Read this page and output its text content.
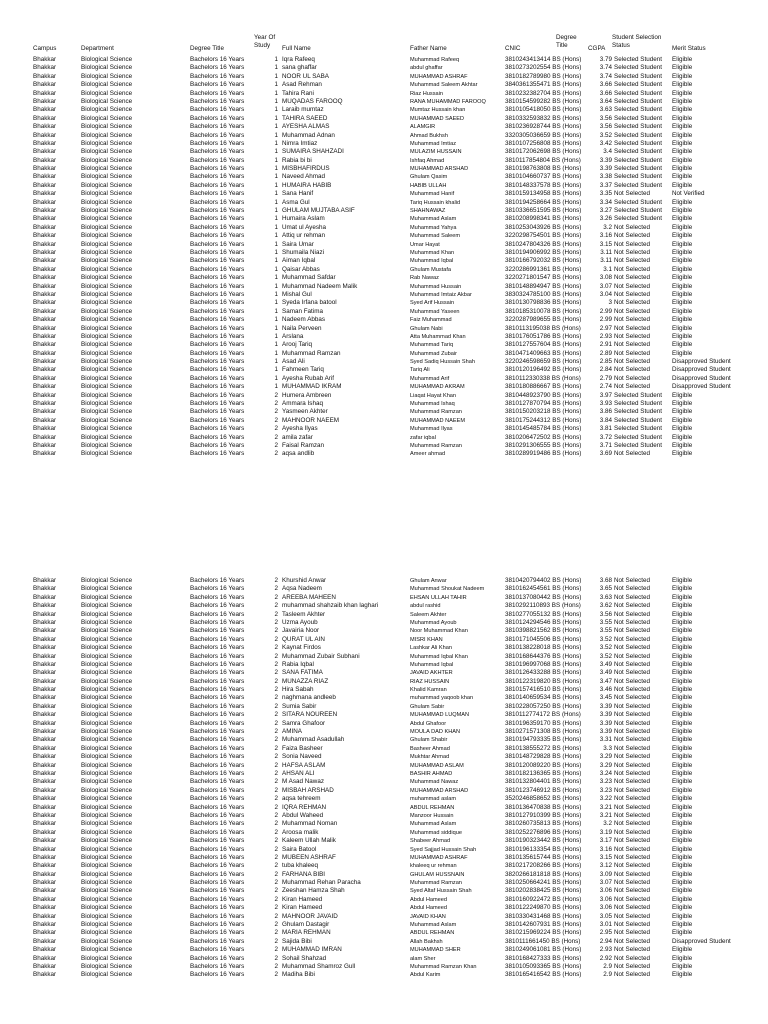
Year Of
Study
Degree
Title
Student Selection
Status
Campus	Department	Degree Title	Full Name	Father Name	CNIC	CGPA	Merit Status
Bhakkar	Biological Science	Bachelors 16 Years	1 Iqra Rafeeq	Muhammad Rafeeq	3810243413414 BS (Hons)	3.79 Selected Student	Eligible
Bhakkar	Biological Science	Bachelors 16 Years	1 sana ghaffar	abdul ghaffar	3810273202554 BS (Hons)	3.74 Selected Student	Eligible
Bhakkar	Biological Science	Bachelors 16 Years	1 NOOR UL SABA	MUHAMMAD ASHRAF	3810182789980 BS (Hons)	3.74 Selected Student	Eligible
Bhakkar	Biological Science	Bachelors 16 Years	1 Asad Rehman	Muhammad Saleem Akhtar	3840361355471 BS (Hons)	3.66 Selected Student	Eligible
Bhakkar	Biological Science	Bachelors 16 Years	1 Tahira Rani	Riaz Hussain	3810232382704 BS (Hons)	3.66 Selected Student	Eligible
Bhakkar	Biological Science	Bachelors 16 Years	1 MUQADAS FAROOQ	RANA MUHAMMAD FAROOQ	3810154599282 BS (Hons)	3.64 Selected Student	Eligible
Bhakkar	Biological Science	Bachelors 16 Years	1 Laraib mumtaz	Mumtaz Hussain khan	3810105418050 BS (Hons)	3.63 Selected Student	Eligible
Bhakkar	Biological Science	Bachelors 16 Years	1 TAHIRA SAEED	MUHAMMAD SAEED	3810332593832 BS (Hons)	3.56 Selected Student	Eligible
Bhakkar	Biological Science	Bachelors 16 Years	1 AYESHA ALMAS	ALAMGIR	3810236928744 BS (Hons)	3.56 Selected Student	Eligible
Bhakkar	Biological Science	Bachelors 16 Years	1 Muhammad Adnan	Ahmad Bukhsh	3320305036659 BS (Hons)	3.52 Selected Student	Eligible
Bhakkar	Biological Science	Bachelors 16 Years	1 Nimra Imtiaz	Muhammad Imtiaz	3810107256808 BS (Hons)	3.42 Selected Student	Eligible
Bhakkar	Biological Science	Bachelors 16 Years	1 SUMAIRA SHAHZADI	MULAZIM HUSSAIN	3810172062698 BS (Hons)	3.4 Selected Student	Eligible
Bhakkar	Biological Science	Bachelors 16 Years	1 Rabia bi bi	Ishfaq Ahmad	3810117854804 BS (Hons)	3.39 Selected Student	Eligible
Bhakkar	Biological Science	Bachelors 16 Years	1 MISBHAFIRDUS	MUHAMMAD ARSHAD	3810198763808 BS (Hons)	3.39 Selected Student	Eligible
Bhakkar	Biological Science	Bachelors 16 Years	1 Naveed Ahmad	Ghulam Qasim	3810104660737 BS (Hons)	3.38 Selected Student	Eligible
Bhakkar	Biological Science	Bachelors 16 Years	1 HUMAIRA HABIB	HABIB ULLAH	3810148337578 BS (Hons)	3.37 Selected Student	Eligible
Bhakkar	Biological Science	Bachelors 16 Years	1 Sana Hanif	Muhammad Hanif	3810159134958 BS (Hons)	3.35 Not Selected	Not Verified
Bhakkar	Biological Science	Bachelors 16 Years	1 Asma Gul	Tariq Hussain khalid	3810194258664 BS (Hons)	3.34 Selected Student	Eligible
Bhakkar	Biological Science	Bachelors 16 Years	1 GHULAM MUJTABA ASIF	SHAHNAWAZ	3810336651595 BS (Hons)	3.27 Selected Student	Eligible
Bhakkar	Biological Science	Bachelors 16 Years	1 Humaira Aslam	Muhammad Aslam	3810208998341 BS (Hons)	3.26 Selected Student	Eligible
Bhakkar	Biological Science	Bachelors 16 Years	1 Umat ul Ayesha	Muhammad Yahya	3810253043926 BS (Hons)	3.2 Not Selected	Eligible
Bhakkar	Biological Science	Bachelors 16 Years	1 Attiq ur rehman	Muhammad Saleem	3220298754501 BS (Hons)	3.16 Not Selected	Eligible
Bhakkar	Biological Science	Bachelors 16 Years	1 Saira Umar	Umar Hayat	3810247804326 BS (Hons)	3.15 Not Selected	Eligible
Bhakkar	Biological Science	Bachelors 16 Years	1 Shumaila Niazi	Muhammad Khan	3810194906992 BS (Hons)	3.11 Not Selected	Eligible
Bhakkar	Biological Science	Bachelors 16 Years	1 Aiman Iqbal	Muhammad Iqbal	3810166792032 BS (Hons)	3.11 Not Selected	Eligible
Bhakkar	Biological Science	Bachelors 16 Years	1 Qaisar Abbas	Ghulam Mustafa	3220286991361 BS (Hons)	3.1 Not Selected	Eligible
Bhakkar	Biological Science	Bachelors 16 Years	1 Muhammad Safdar	Rab Nawaz	3220271801547 BS (Hons)	3.08 Not Selected	Eligible
Bhakkar	Biological Science	Bachelors 16 Years	1 Muhammad Nadeem Malik	Muhammad Hussain	3810148894947 BS (Hons)	3.07 Not Selected	Eligible
Bhakkar	Biological Science	Bachelors 16 Years	1 Mishal Gul	Muhammad Imtaiz Akbar	3830324785100 BS (Hons)	3.04 Not Selected	Eligible
Bhakkar	Biological Science	Bachelors 16 Years	1 Syeda Irfana batool	Syed Arif Hussain	3810130798836 BS (Hons)	3 Not Selected	Eligible
Bhakkar	Biological Science	Bachelors 16 Years	1 Saman Fatima	Muhammad Yaseen	3810185310078 BS (Hons)	2.99 Not Selected	Eligible
Bhakkar	Biological Science	Bachelors 16 Years	1 Nadeem Abbas	Faiz Muhammad	3220287989655 BS (Hons)	2.99 Not Selected	Eligible
Bhakkar	Biological Science	Bachelors 16 Years	1 Naila Perveen	Ghulam Nabi	3810113195038 BS (Hons)	2.97 Not Selected	Eligible
Bhakkar	Biological Science	Bachelors 16 Years	1 Arslana	Atta Muhammad Khan	3810176051786 BS (Hons)	2.93 Not Selected	Eligible
Bhakkar	Biological Science	Bachelors 16 Years	1 Arooj Tariq	Muhammad Tariq	3810127557604 BS (Hons)	2.91 Not Selected	Eligible
Bhakkar	Biological Science	Bachelors 16 Years	1 Muhammad Ramzan	Muhammad Zubair	3810471409663 BS (Hons)	2.89 Not Selected	Eligible
Bhakkar	Biological Science	Bachelors 16 Years	1 Asad Ali	Syed Sadiq Hussain Shah	3220246598659 BS (Hons)	2.85 Not Selected	Disapproved Student
Bhakkar	Biological Science	Bachelors 16 Years	1 Fahmeen Tariq	Tariq Ali	3810120196492 BS (Hons)	2.84 Not Selected	Disapproved Student
Bhakkar	Biological Science	Bachelors 16 Years	1 Ayesha Rubab Arif	Muhammad Arif	3810112330338 BS (Hons)	2.79 Not Selected	Disapproved Student
Bhakkar	Biological Science	Bachelors 16 Years	1 MUHAMMAD IKRAM	MUHAMMAD AKRAM	3810180886667 BS (Hons)	2.74 Not Selected	Disapproved Student
Bhakkar	Biological Science	Bachelors 16 Years	2 Humera Ambreen	Liaqat Hayat Khan	3810448923790 BS (Hons)	3.97 Selected Student	Eligible
Bhakkar	Biological Science	Bachelors 16 Years	2 Ammara Ishaq	Muhammad Ishaq	3810127870794 BS (Hons)	3.93 Selected Student	Eligible
Bhakkar	Biological Science	Bachelors 16 Years	2 Yasmeen Akhter	Muhammad Ramzan	3810150203218 BS (Hons)	3.86 Selected Student	Eligible
Bhakkar	Biological Science	Bachelors 16 Years	2 MAHNOOR NAEEM	MUHAMMAD NAEEM	3810175244312 BS (Hons)	3.84 Selected Student	Eligible
Bhakkar	Biological Science	Bachelors 16 Years	2 Ayesha Ilyas	Muhammad Ilyas	3810145485784 BS (Hons)	3.81 Selected Student	Eligible
Bhakkar	Biological Science	Bachelors 16 Years	2 amila zafar	zafar iqbal	3810206472502 BS (Hons)	3.72 Selected Student	Eligible
Bhakkar	Biological Science	Bachelors 16 Years	2 Faisal Ramzan	Muhammad Ramzan	3810291306555 BS (Hons)	3.71 Selected Student	Eligible
Bhakkar	Biological Science	Bachelors 16 Years	2 aqsa andlib	Ameer ahmad	3810289919486 BS (Hons)	3.69 Not Selected	Eligible
Bhakkar	Biological Science	Bachelors 16 Years	2 Khurshid Anwar	Ghulam Anwar	3810420794402 BS (Hons)	3.68 Not Selected	Eligible
Bhakkar	Biological Science	Bachelors 16 Years	2 Aqsa Nadeem	Muhammad Shoukat Nadeem	3810162454561 BS (Hons)	3.65 Not Selected	Eligible
Bhakkar	Biological Science	Bachelors 16 Years	2 AREEBA MAHEEN	EHSAN ULLAH TAHIR	3810137080442 BS (Hons)	3.63 Not Selected	Eligible
Bhakkar	Biological Science	Bachelors 16 Years	2 muhammad shahzaib khan laghari	abdul rashid	3810292110893 BS (Hons)	3.62 Not Selected	Eligible
Bhakkar	Biological Science	Bachelors 16 Years	2 Tasleem Akhter	Saleem Akhter	3810277055132 BS (Hons)	3.56 Not Selected	Eligible
Bhakkar	Biological Science	Bachelors 16 Years	2 Uzma Ayoub	Muhammad Ayoub	3810124294546 BS (Hons)	3.55 Not Selected	Eligible
Bhakkar	Biological Science	Bachelors 16 Years	2 Javairia Noor	Noor Muhammad Khan	3810398821562 BS (Hons)	3.55 Not Selected	Eligible
Bhakkar	Biological Science	Bachelors 16 Years	2 QURAT UL AIN	MISRI KHAN	3810171045506 BS (Hons)	3.52 Not Selected	Eligible
Bhakkar	Biological Science	Bachelors 16 Years	2 Kaynat Firdos	Lashkar Ali Khan	3810138228018 BS (Hons)	3.52 Not Selected	Eligible
Bhakkar	Biological Science	Bachelors 16 Years	2 Muhammad Zubair Subhani	Muhammad Iqbal Khan	3810168644376 BS (Hons)	3.52 Not Selected	Eligible
Bhakkar	Biological Science	Bachelors 16 Years	2 Rabia Iqbal	Muhammad Iqbal	3810196997068 BS (Hons)	3.49 Not Selected	Eligible
Bhakkar	Biological Science	Bachelors 16 Years	2 SANA FATIMA	JAVAID AKHTER	3810126433288 BS (Hons)	3.49 Not Selected	Eligible
Bhakkar	Biological Science	Bachelors 16 Years	2 MUNAZZA RIAZ	RIAZ HUSSAIN	3810122319820 BS (Hons)	3.47 Not Selected	Eligible
Bhakkar	Biological Science	Bachelors 16 Years	2 Hira Sabah	Khalid Kamran	3810157416510 BS (Hons)	3.46 Not Selected	Eligible
Bhakkar	Biological Science	Bachelors 16 Years	2 naghmana andleeb	muhammad yaqoob khan	3810140659534 BS (Hons)	3.45 Not Selected	Eligible
Bhakkar	Biological Science	Bachelors 16 Years	2 Sumia Sabir	Ghulam Sabir	3810228057250 BS (Hons)	3.39 Not Selected	Eligible
Bhakkar	Biological Science	Bachelors 16 Years	2 SITARA NOUREEN	MUHAMMAD LUQMAN	3810112774172 BS (Hons)	3.39 Not Selected	Eligible
Bhakkar	Biological Science	Bachelors 16 Years	2 Samra Ghafoor	Abdul Ghafoor	3810196359170 BS (Hons)	3.39 Not Selected	Eligible
Bhakkar	Biological Science	Bachelors 16 Years	2 AMINA	MOULA DAD KHAN	3810271571308 BS (Hons)	3.39 Not Selected	Eligible
Bhakkar	Biological Science	Bachelors 16 Years	2 Muhammad Asadullah	Ghulam Shabir	3810194793335 BS (Hons)	3.31 Not Selected	Eligible
Bhakkar	Biological Science	Bachelors 16 Years	2 Faiza Basheer	Basheer Ahmad	3810138555272 BS (Hons)	3.3 Not Selected	Eligible
Bhakkar	Biological Science	Bachelors 16 Years	2 Sonia Naveed	Mukhtar Ahmad	3810148729828 BS (Hons)	3.29 Not Selected	Eligible
Bhakkar	Biological Science	Bachelors 16 Years	2 HAFSA ASLAM	MUHAMMAD ASLAM	3810120089220 BS (Hons)	3.29 Not Selected	Eligible
Bhakkar	Biological Science	Bachelors 16 Years	2 AHSAN ALI	BASHIR AHMAD	3810182136365 BS (Hons)	3.24 Not Selected	Eligible
Bhakkar	Biological Science	Bachelors 16 Years	2 M Asad Nawaz	Muhammad Nawaz	3810132804401 BS (Hons)	3.23 Not Selected	Eligible
Bhakkar	Biological Science	Bachelors 16 Years	2 MISBAH ARSHAD	MUHAMMAD ARSHAD	3810123746912 BS (Hons)	3.23 Not Selected	Eligible
Bhakkar	Biological Science	Bachelors 16 Years	2 aqsa tehreem	muhammad aslam	3520246858652 BS (Hons)	3.22 Not Selected	Eligible
Bhakkar	Biological Science	Bachelors 16 Years	2 IQRA REHMAN	ABDUL REHMAN	3810136470838 BS (Hons)	3.21 Not Selected	Eligible
Bhakkar	Biological Science	Bachelors 16 Years	2 Abdul Waheed	Manzoor Hussain	3810127910399 BS (Hons)	3.21 Not Selected	Eligible
Bhakkar	Biological Science	Bachelors 16 Years	2 Muhammad Noman	Muhammad Aslam	3810260735813 BS (Hons)	3.2 Not Selected	Eligible
Bhakkar	Biological Science	Bachelors 16 Years	2 Aroosa malik	Muhammad siddique	3810252276896 BS (Hons)	3.19 Not Selected	Eligible
Bhakkar	Biological Science	Bachelors 16 Years	2 Kaleem Ullah Malik	Shabeer Ahmad	3810190323442 BS (Hons)	3.17 Not Selected	Eligible
Bhakkar	Biological Science	Bachelors 16 Years	2 Saira Batool	Syed Sajjad Hussain Shah	3810196133354 BS (Hons)	3.16 Not Selected	Eligible
Bhakkar	Biological Science	Bachelors 16 Years	2 MUBEEN ASHRAF	MUHAMMAD ASHRAF	3810135615744 BS (Hons)	3.15 Not Selected	Eligible
Bhakkar	Biological Science	Bachelors 16 Years	2 tuba khaleeq	khaleeq ur rehman	3810217208266 BS (Hons)	3.12 Not Selected	Eligible
Bhakkar	Biological Science	Bachelors 16 Years	2 FARHANA BIBI	GHULAM HUSSNAIN	3820266181818 BS (Hons)	3.09 Not Selected	Eligible
Bhakkar	Biological Science	Bachelors 16 Years	2 Muhammad Rehan Paracha	Muhammad Ramzan	3810250664241 BS (Hons)	3.07 Not Selected	Eligible
Bhakkar	Biological Science	Bachelors 16 Years	2 Zeeshan Hamza Shah	Syed Altaf Hussain Shah	3810202838425 BS (Hons)	3.06 Not Selected	Eligible
Bhakkar	Biological Science	Bachelors 16 Years	2 Kiran Hameed	Abdul Hameed	3810160922472 BS (Hons)	3.06 Not Selected	Eligible
Bhakkar	Biological Science	Bachelors 16 Years	2 Kiran Hameed	Abdul Hameed	3810122249870 BS (Hons)	3.06 Not Selected	Eligible
Bhakkar	Biological Science	Bachelors 16 Years	2 MAHNOOR JAVAID	JAVAID KHAN	3810330431468 BS (Hons)	3.05 Not Selected	Eligible
Bhakkar	Biological Science	Bachelors 16 Years	2 Ghulam Dastagir	Muhammad Aslam	3810142607931 BS (Hons)	3.01 Not Selected	Eligible
Bhakkar	Biological Science	Bachelors 16 Years	2 MARIA REHMAN	ABDUL REHMAN	3810215969224 BS (Hons)	2.95 Not Selected	Eligible
Bhakkar	Biological Science	Bachelors 16 Years	2 Sajida Bibi	Allah Bakhsh	3810111661450 BS (Hons)	2.94 Not Selected	Disapproved Student
Bhakkar	Biological Science	Bachelors 16 Years	2 MUHAMMAD IMRAN	MUHAMMAD SHER	3810249061081 BS (Hons)	2.93 Not Selected	Eligible
Bhakkar	Biological Science	Bachelors 16 Years	2 Sohail Shahzad	alam Sher	3810168427333 BS (Hons)	2.92 Not Selected	Eligible
Bhakkar	Biological Science	Bachelors 16 Years	2 Muhammad Shamroz Gull	Muhammad Ramzan Khan	3810105093365 BS (Hons)	2.9 Not Selected	Eligible
Bhakkar	Biological Science	Bachelors 16 Years	2 Madiha Bibi	Abdul Karim	3810165416542 BS (Hons)	2.9 Not Selected	Eligible
